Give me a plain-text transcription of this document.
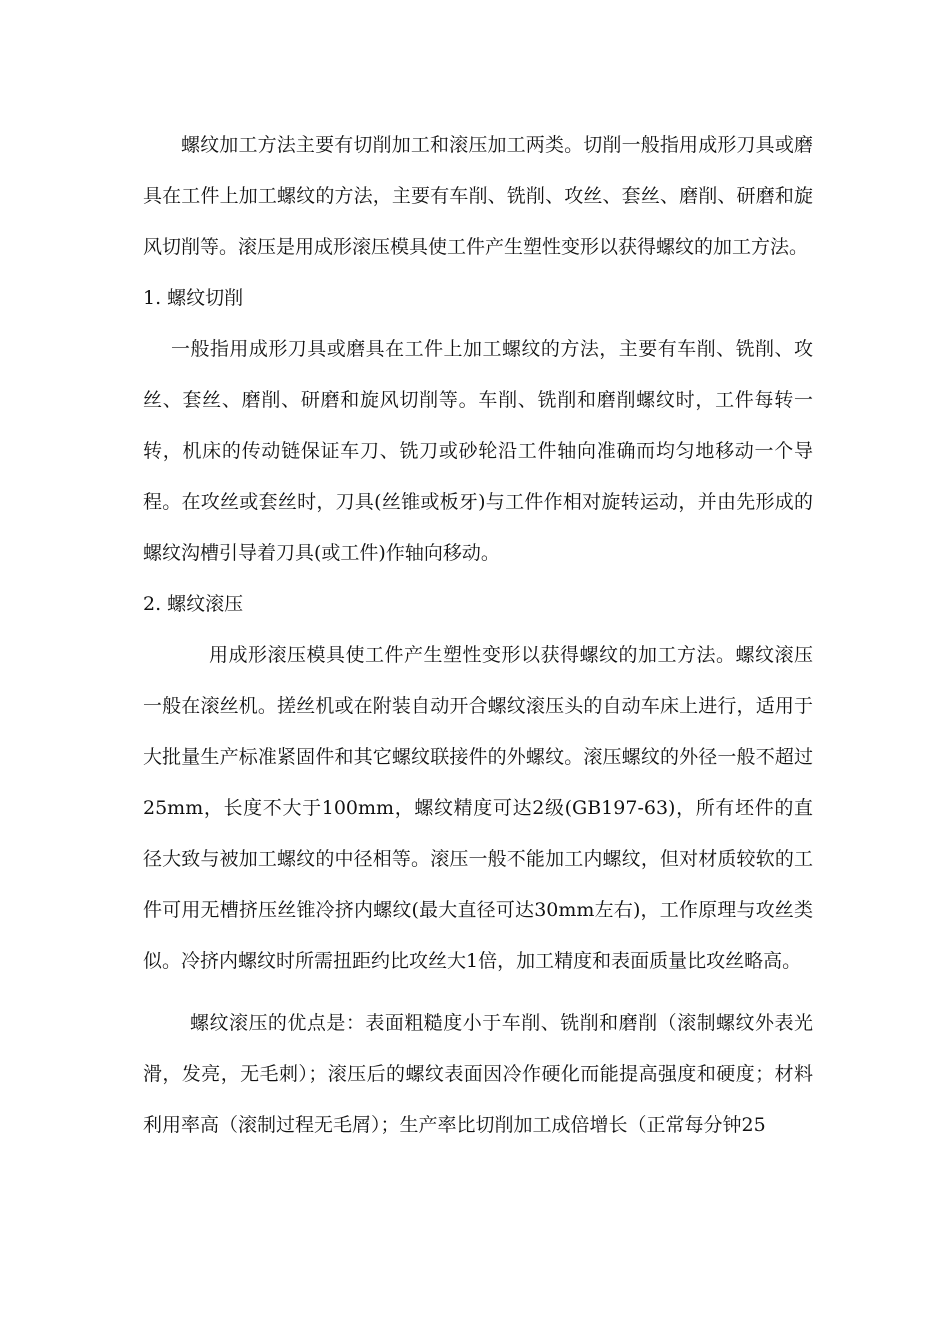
螺纹加工方法主要有切削加工和滚压加工两类。切削一般指用成形刀具或磨具在工件上加工螺纹的方法，主要有车削、铣削、攻丝、套丝、磨削、研磨和旋风切削等。滚压是用成形滚压模具使工件产生塑性变形以获得螺纹的加工方法。

1. 螺纹切削

一般指用成形刀具或磨具在工件上加工螺纹的方法，主要有车削、铣削、攻丝、套丝、磨削、研磨和旋风切削等。车削、铣削和磨削螺纹时，工件每转一转，机床的传动链保证车刀、铣刀或砂轮沿工件轴向准确而均匀地移动一个导程。在攻丝或套丝时，刀具(丝锥或板牙)与工件作相对旋转运动，并由先形成的螺纹沟槽引导着刀具(或工件)作轴向移动。

2. 螺纹滚压

用成形滚压模具使工件产生塑性变形以获得螺纹的加工方法。螺纹滚压一般在滚丝机。搓丝机或在附装自动开合螺纹滚压头的自动车床上进行，适用于大批量生产标准紧固件和其它螺纹联接件的外螺纹。滚压螺纹的外径一般不超过25mm，长度不大于100mm，螺纹精度可达2级(GB197-63)，所有坯件的直径大致与被加工螺纹的中径相等。滚压一般不能加工内螺纹，但对材质较软的工件可用无槽挤压丝锥冷挤内螺纹(最大直径可达30mm左右)，工作原理与攻丝类似。冷挤内螺纹时所需扭距约比攻丝大1倍，加工精度和表面质量比攻丝略高。

螺纹滚压的优点是：表面粗糙度小于车削、铣削和磨削（滚制螺纹外表光滑，发亮，无毛刺）；滚压后的螺纹表面因冷作硬化而能提高强度和硬度；材料利用率高（滚制过程无毛屑）；生产率比切削加工成倍增长（正常每分钟25
